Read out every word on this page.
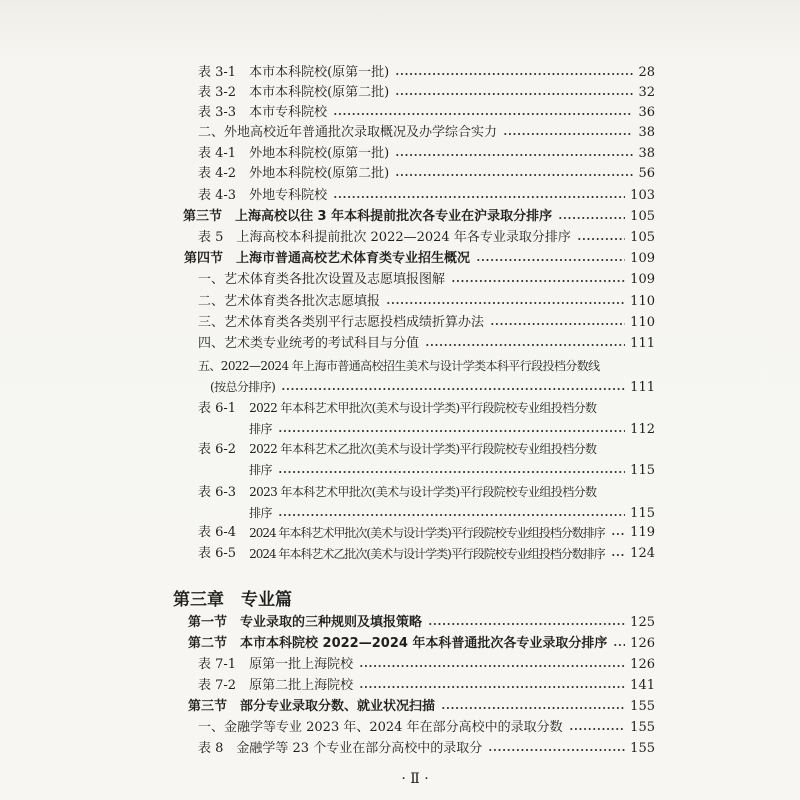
表 3-1 本市本科院校(原第一批)	28
表 3-2 本市本科院校(原第二批)	32
表 3-3 本市专科院校	36
二、外地高校近年普通批次录取概况及办学综合实力	38
表 4-1 外地本科院校(原第一批)	38
表 4-2 外地本科院校(原第二批)	56
表 4-3 外地专科院校	103
第三节 上海高校以往 3 年本科提前批次各专业在沪录取分排序	105
表 5 上海高校本科提前批次 2022—2024 年各专业录取分排序	105
第四节 上海市普通高校艺术体育类专业招生概况	109
一、艺术体育类各批次设置及志愿填报图解	109
二、艺术体育类各批次志愿填报	110
三、艺术体育类各类别平行志愿投档成绩折算办法	110
四、艺术类专业统考的考试科目与分值	111
五、2022—2024 年上海市普通高校招生美术与设计学类本科平行段投档分数线
(按总分排序)	111
表 6-1 2022 年本科艺术甲批次(美术与设计学类)平行段院校专业组投档分数
排序	112
表 6-2 2022 年本科艺术乙批次(美术与设计学类)平行段院校专业组投档分数
排序	115
表 6-3 2023 年本科艺术甲批次(美术与设计学类)平行段院校专业组投档分数
排序	115
表 6-4 2024 年本科艺术甲批次(美术与设计学类)平行段院校专业组投档分数排序 119
表 6-5 2024 年本科艺术乙批次(美术与设计学类)平行段院校专业组投档分数排序 124
第三章 专业篇
第一节 专业录取的三种规则及填报策略	125
第二节 本市本科院校 2022—2024 年本科普通批次各专业录取分排序 126
表 7-1 原第一批上海院校	126
表 7-2 原第二批上海院校	141
第三节 部分专业录取分数、就业状况扫描	155
一、金融学等专业 2023 年、2024 年在部分高校中的录取分数	155
表 8 金融学等 23 个专业在部分高校中的录取分	155
· Ⅱ ·
